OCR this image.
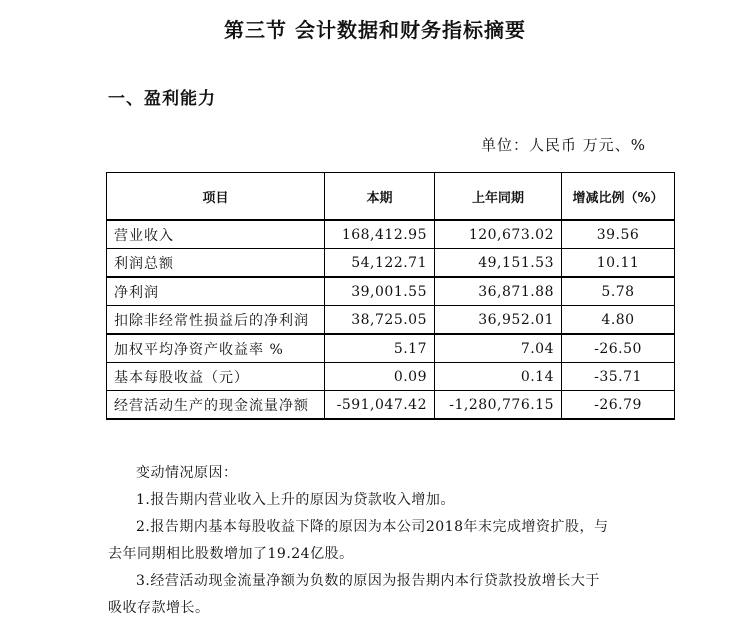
第三节 会计数据和财务指标摘要
一、盈利能力
单位：人民币 万元、%
项目	本期	上年同期	增减比例（%）
营业收入	168,412.95	120,673.02	39.56
利润总额	54,122.71	49,151.53	10.11
净利润	39,001.55	36,871.88	5.78
扣除非经常性损益后的净利润	38,725.05	36,952.01	4.80
加权平均净资产收益率 %	5.17	7.04	-26.50
基本每股收益（元）	0.09	0.14	-35.71
经营活动生产的现金流量净额	-591,047.42	-1,280,776.15	-26.79
变动情况原因：
1.报告期内营业收入上升的原因为贷款收入增加。
2.报告期内基本每股收益下降的原因为本公司2018年末完成增资扩股，与
去年同期相比股数增加了19.24亿股。
3.经营活动现金流量净额为负数的原因为报告期内本行贷款投放增长大于
吸收存款增长。
